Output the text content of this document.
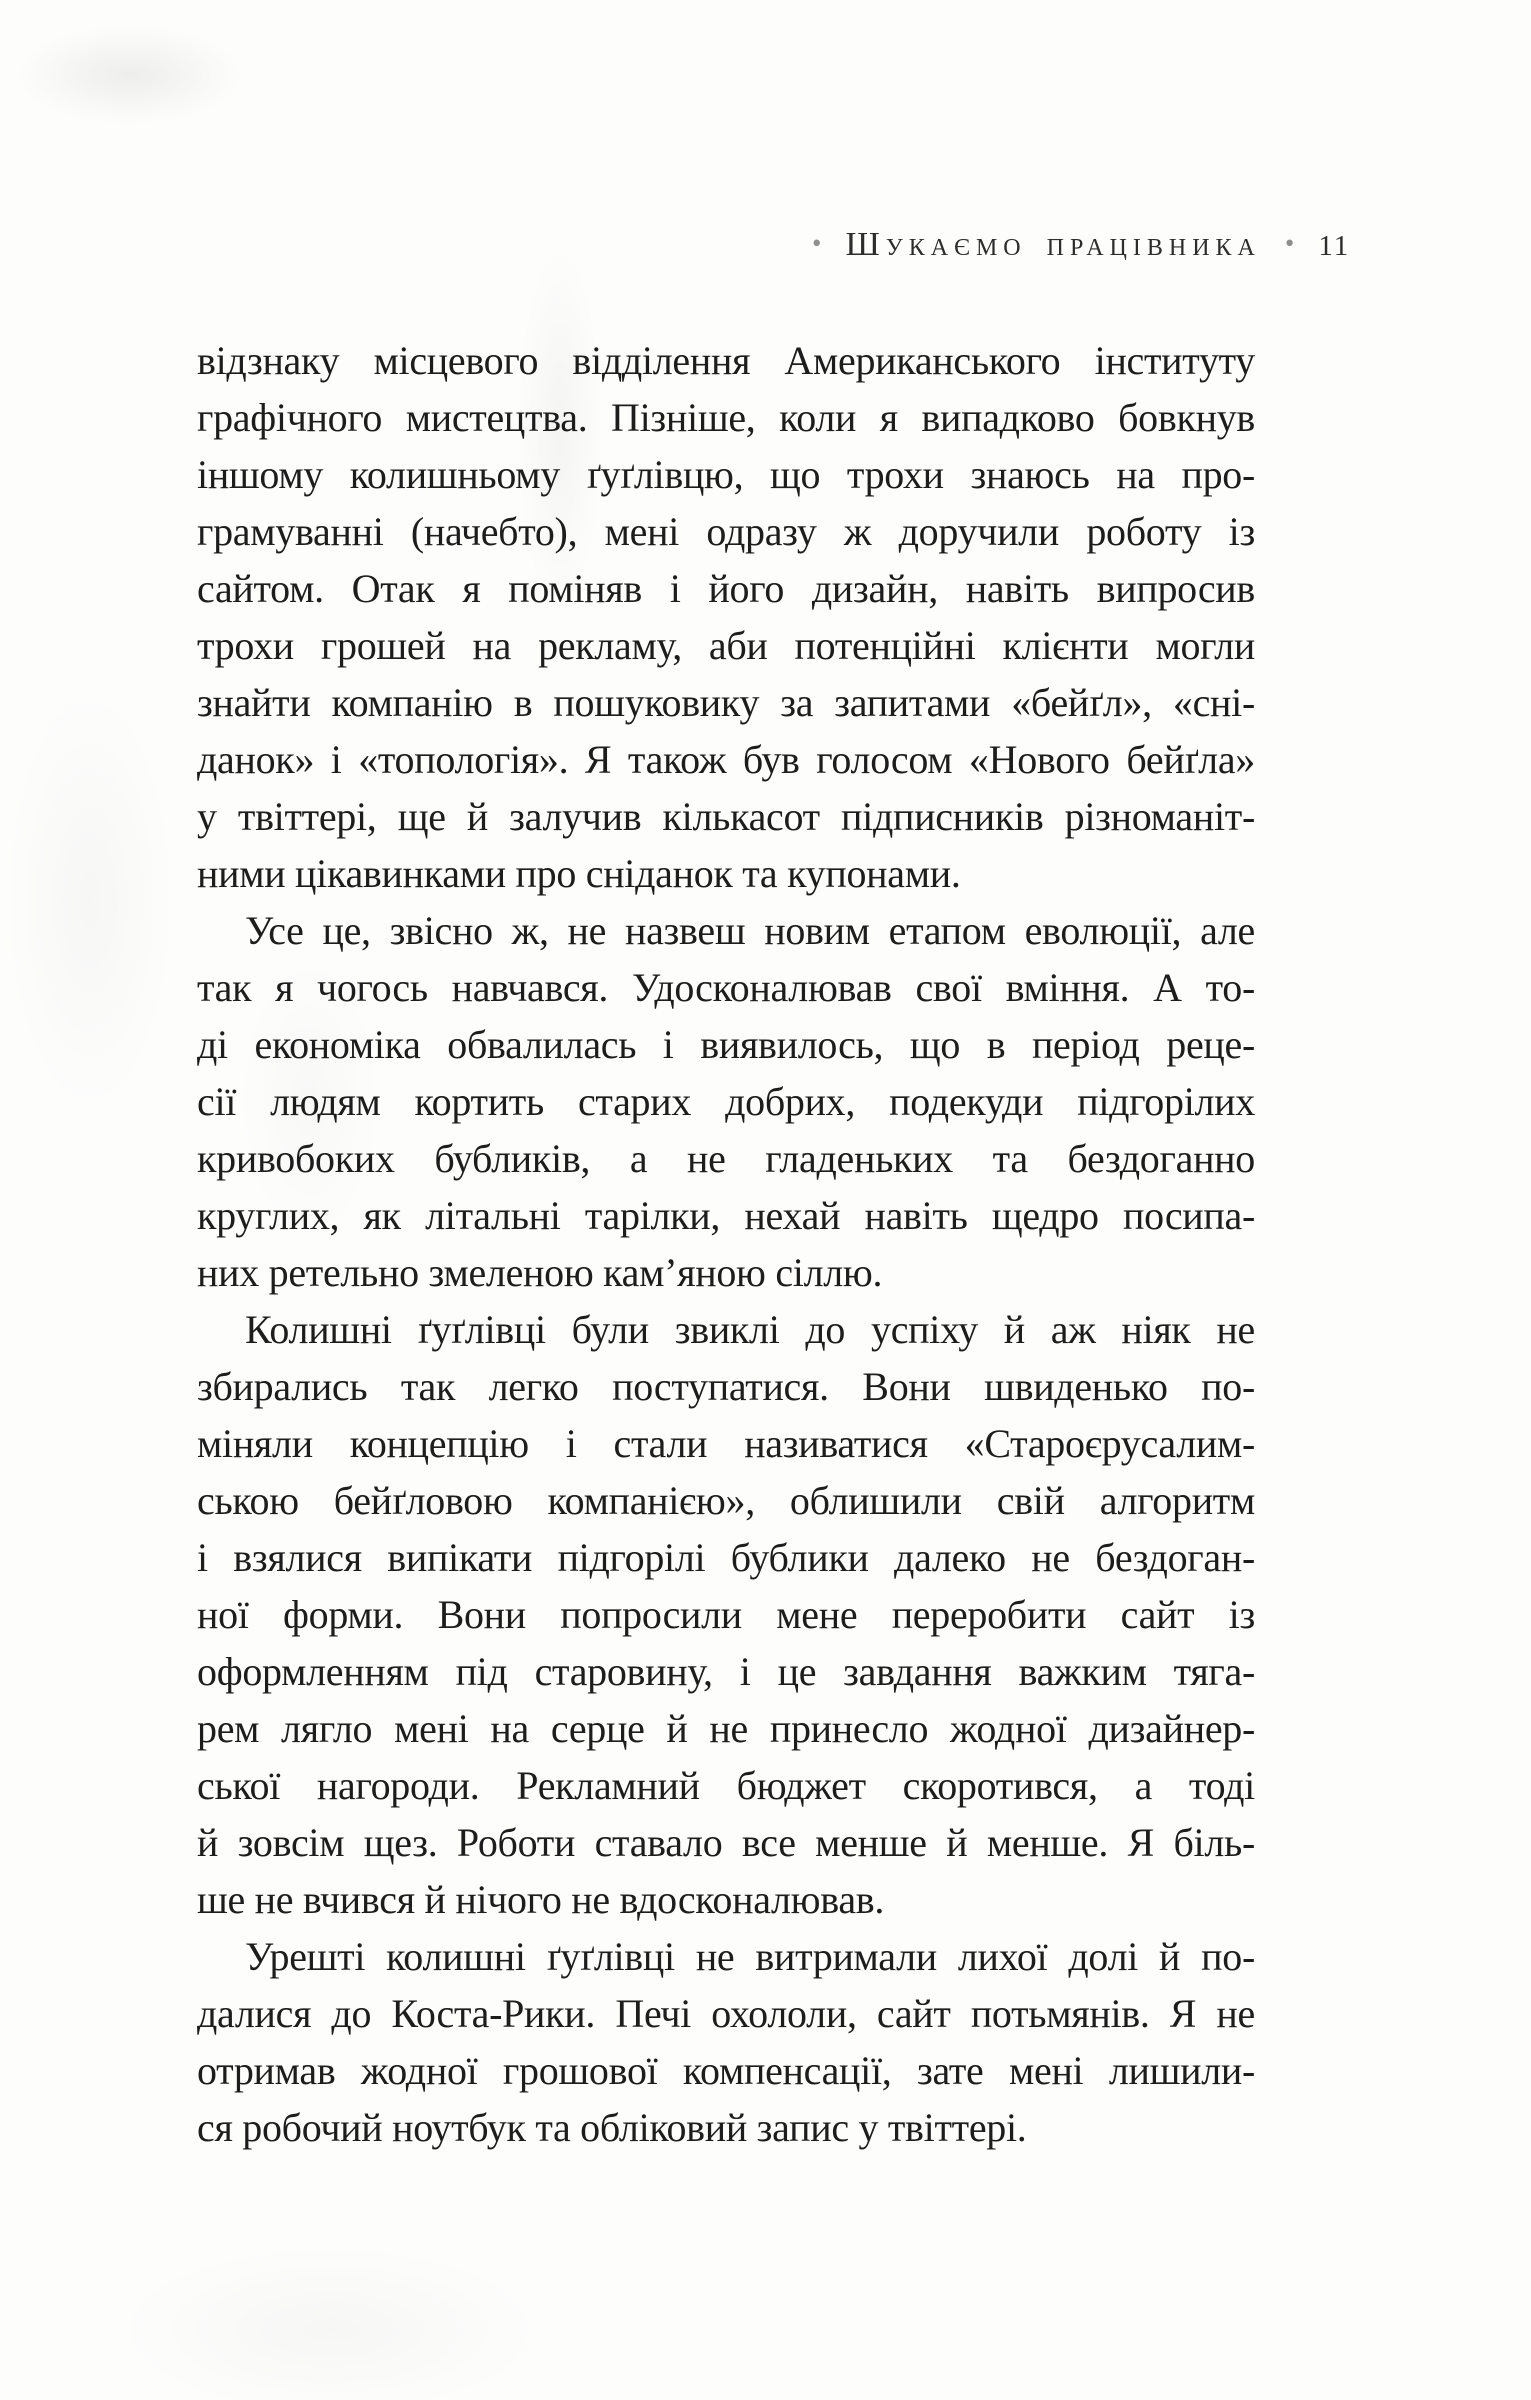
• ШУКАЄМО ПРАЦІВНИКА • 11
відзнаку місцевого відділення Американського інституту
графічного мистецтва. Пізніше, коли я випадково бовкнув
іншому колишньому ґуґлівцю, що трохи знаюсь на про-
грамуванні (начебто), мені одразу ж доручили роботу із
сайтом. Отак я поміняв і його дизайн, навіть випросив
трохи грошей на рекламу, аби потенційні клієнти могли
знайти компанію в пошуковику за запитами «бейґл», «сні-
данок» і «топологія». Я також був голосом «Нового бейґла»
у твіттері, ще й залучив кількасот підписників різноманіт-
ними цікавинками про сніданок та купонами.
Усе це, звісно ж, не назвеш новим етапом еволюції, але
так я чогось навчався. Удосконалював свої вміння. А то-
ді економіка обвалилась і виявилось, що в період реце-
сії людям кортить старих добрих, подекуди підгорілих
кривобоких бубликів, а не гладеньких та бездоганно
круглих, як літальні тарілки, нехай навіть щедро посипа-
них ретельно змеленою кам’яною сіллю.
Колишні ґуґлівці були звиклі до успіху й аж ніяк не
збирались так легко поступатися. Вони швиденько по-
міняли концепцію і стали називатися «Староєрусалим-
ською бейґловою компанією», облишили свій алгоритм
і взялися випікати підгорілі бублики далеко не бездоган-
ної форми. Вони попросили мене переробити сайт із
оформленням під старовину, і це завдання важким тяга-
рем лягло мені на серце й не принесло жодної дизайнер-
ської нагороди. Рекламний бюджет скоротився, а тоді
й зовсім щез. Роботи ставало все менше й менше. Я біль-
ше не вчився й нічого не вдосконалював.
Урешті колишні ґуґлівці не витримали лихої долі й по-
далися до Коста-Рики. Печі охололи, сайт потьмянів. Я не
отримав жодної грошової компенсації, зате мені лишили-
ся робочий ноутбук та обліковий запис у твіттері.
